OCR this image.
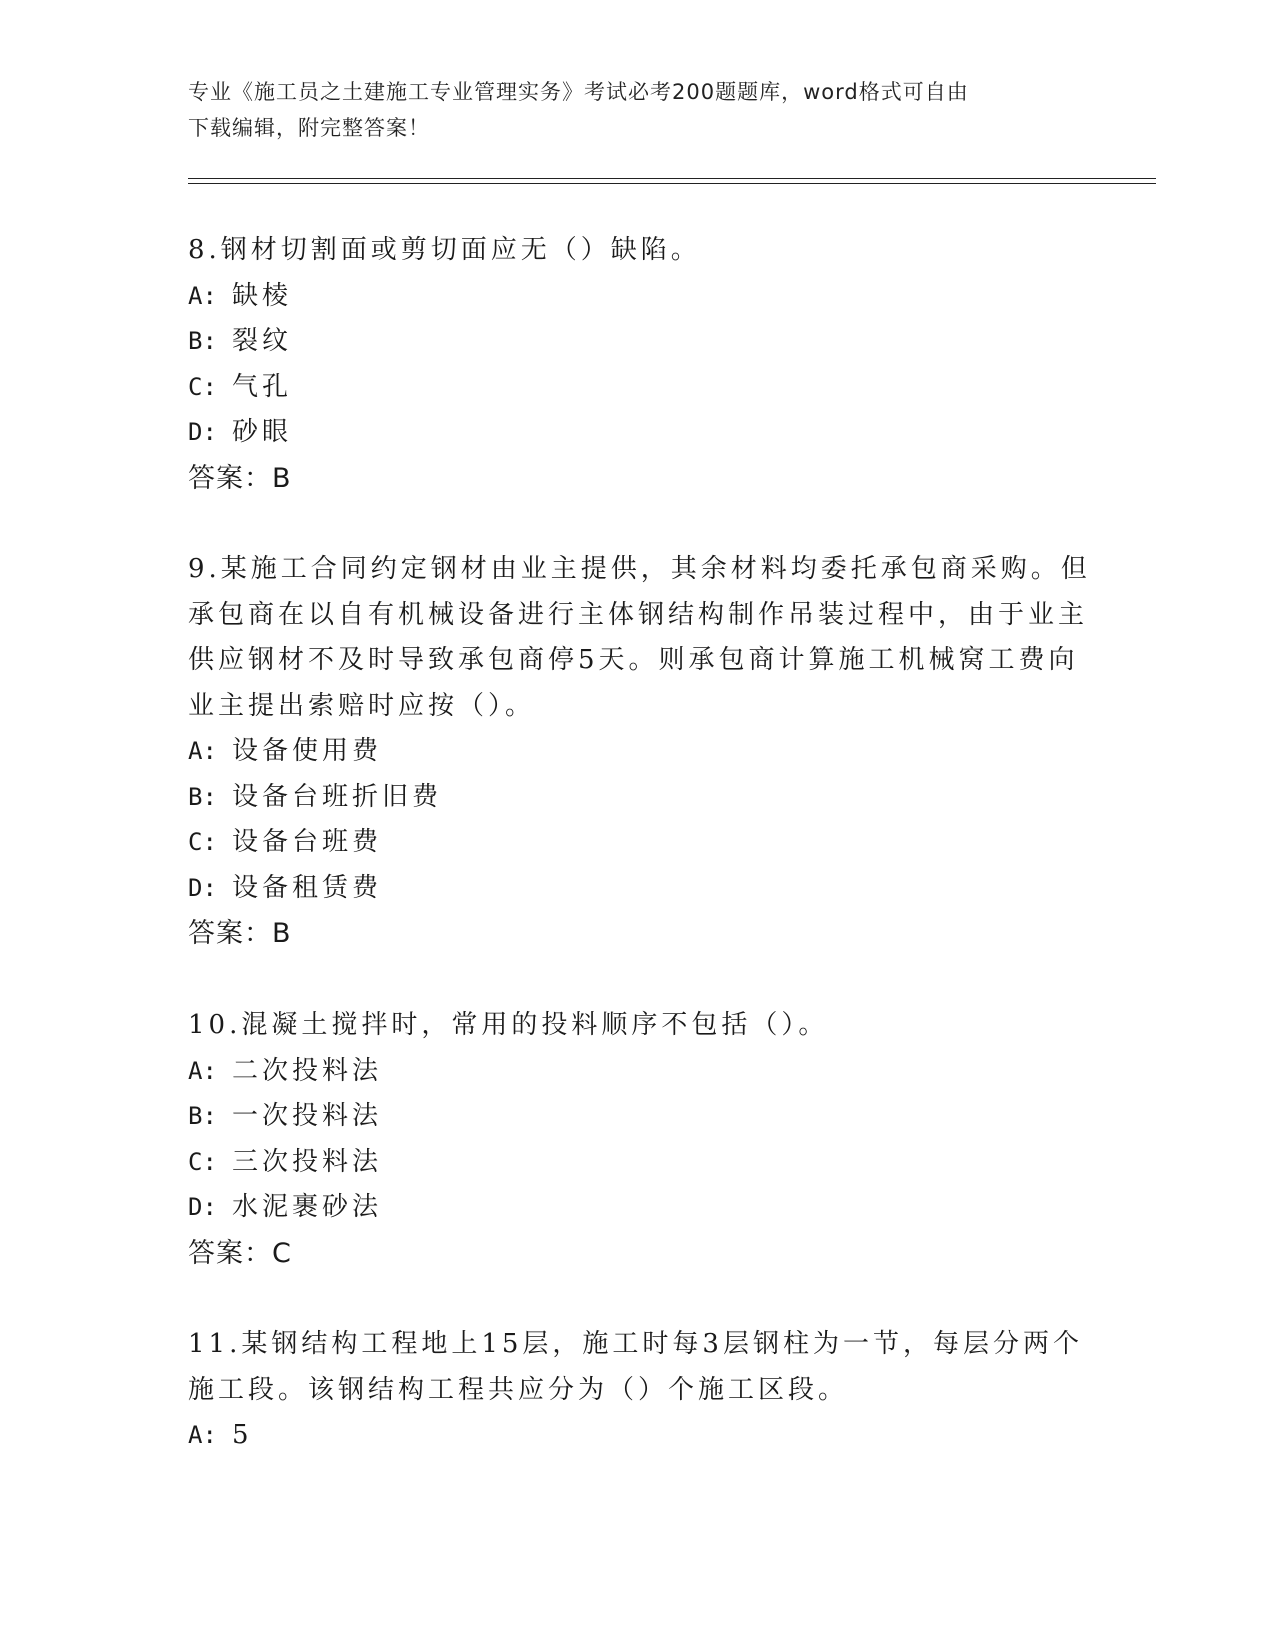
专业《施工员之土建施工专业管理实务》考试必考200题题库，word格式可自由
下载编辑，附完整答案！
8.钢材切割面或剪切面应无（）缺陷。
A: 缺棱
B: 裂纹
C: 气孔
D: 砂眼
答案：B
9.某施工合同约定钢材由业主提供，其余材料均委托承包商采购。但
承包商在以自有机械设备进行主体钢结构制作吊装过程中，由于业主
供应钢材不及时导致承包商停5天。则承包商计算施工机械窝工费向
业主提出索赔时应按（）。
A: 设备使用费
B: 设备台班折旧费
C: 设备台班费
D: 设备租赁费
答案：B
10.混凝土搅拌时，常用的投料顺序不包括（）。
A: 二次投料法
B: 一次投料法
C: 三次投料法
D: 水泥裹砂法
答案：C
11.某钢结构工程地上15层，施工时每3层钢柱为一节，每层分两个
施工段。该钢结构工程共应分为（）个施工区段。
A: 5
